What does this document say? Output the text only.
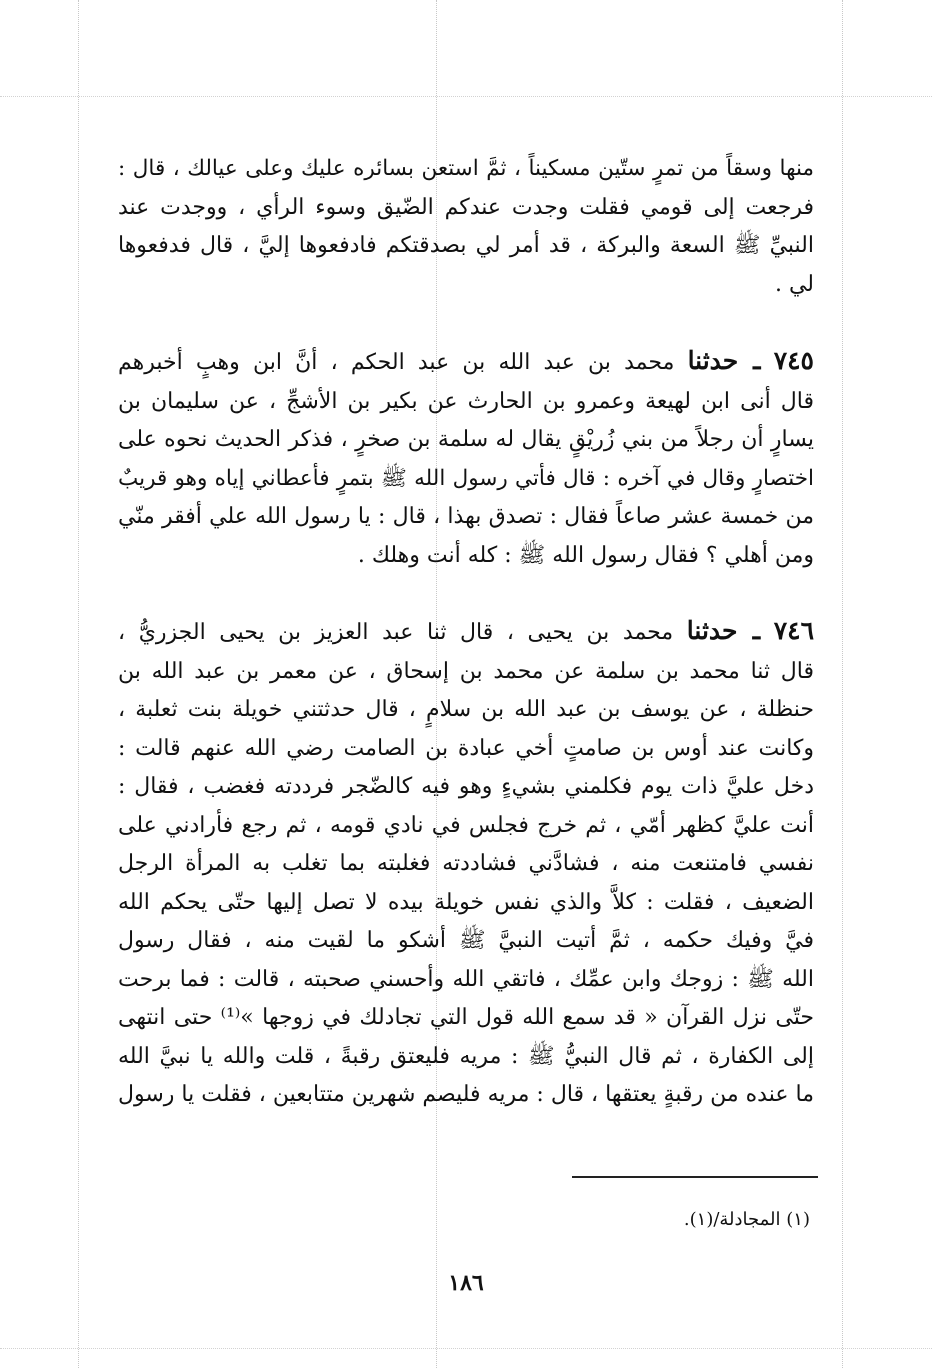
منها وسقاً من تمرٍ ستّين مسكيناً ، ثمَّ استعن بسائره عليك وعلى عيالك ، قال :
فرجعت إلى قومي فقلت وجدت عندكم الضّيق وسوء الرأي ، ووجدت عند
النبيِّ ﷺ السعة والبركة ، قد أمر لي بصدقتكم فادفعوها إليَّ ، قال فدفعوها
لي .
٧٤٥ ـ حدثنا محمد بن عبد الله بن عبد الحكم ، أنَّ ابن وهبٍ أخبرهم
قال أنى ابن لهيعة وعمرو بن الحارث عن بكير بن الأشجِّ ، عن سليمان بن
يسارٍ أن رجلاً من بني زُريْقٍ يقال له سلمة بن صخرٍ ، فذكر الحديث نحوه على
اختصارٍ وقال في آخره : قال فأتي رسول الله ﷺ بتمرٍ فأعطاني إياه وهو قريبٌ
من خمسة عشر صاعاً فقال : تصدق بهذا ، قال : يا رسول الله علي أفقر منّي
ومن أهلي ؟ فقال رسول الله ﷺ : كله أنت وهلك .
٧٤٦ ـ حدثنا محمد بن يحيى ، قال ثنا عبد العزيز بن يحيى الجزريُّ ،
قال ثنا محمد بن سلمة عن محمد بن إسحاق ، عن معمر بن عبد الله بن
حنظلة ، عن يوسف بن عبد الله بن سلامٍ ، قال حدثتني خويلة بنت ثعلبة ،
وكانت عند أوس بن صامتٍ أخي عبادة بن الصامت رضي الله عنهم قالت :
دخل عليَّ ذات يوم فكلمني بشيءٍ وهو فيه كالضّجر فرددته فغضب ، فقال :
أنت عليَّ كظهر أمّي ، ثم خرج فجلس في نادي قومه ، ثم رجع فأرادني على
نفسي فامتنعت منه ، فشادَّني فشاددته فغلبته بما تغلب به المرأة الرجل
الضعيف ، فقلت : كلاَّ والذي نفس خويلة بيده لا تصل إليها حتّى يحكم الله
فيَّ وفيك حكمه ، ثمَّ أتيت النبيَّ ﷺ أشكو ما لقيت منه ، فقال رسول
الله ﷺ : زوجك وابن عمِّك ، فاتقي الله وأحسني صحبته ، قالت : فما برحت
حتّى نزل القرآن « قد سمع الله قول التي تجادلك في زوجها »⁽¹⁾ حتى انتهى
إلى الكفارة ، ثم قال النبيُّ ﷺ : مريه فليعتق رقبةً ، قلت والله يا نبيَّ الله
ما عنده من رقبةٍ يعتقها ، قال : مريه فليصم شهرين متتابعين ، فقلت يا رسول
(١) المجادلة/(١).
١٨٦
